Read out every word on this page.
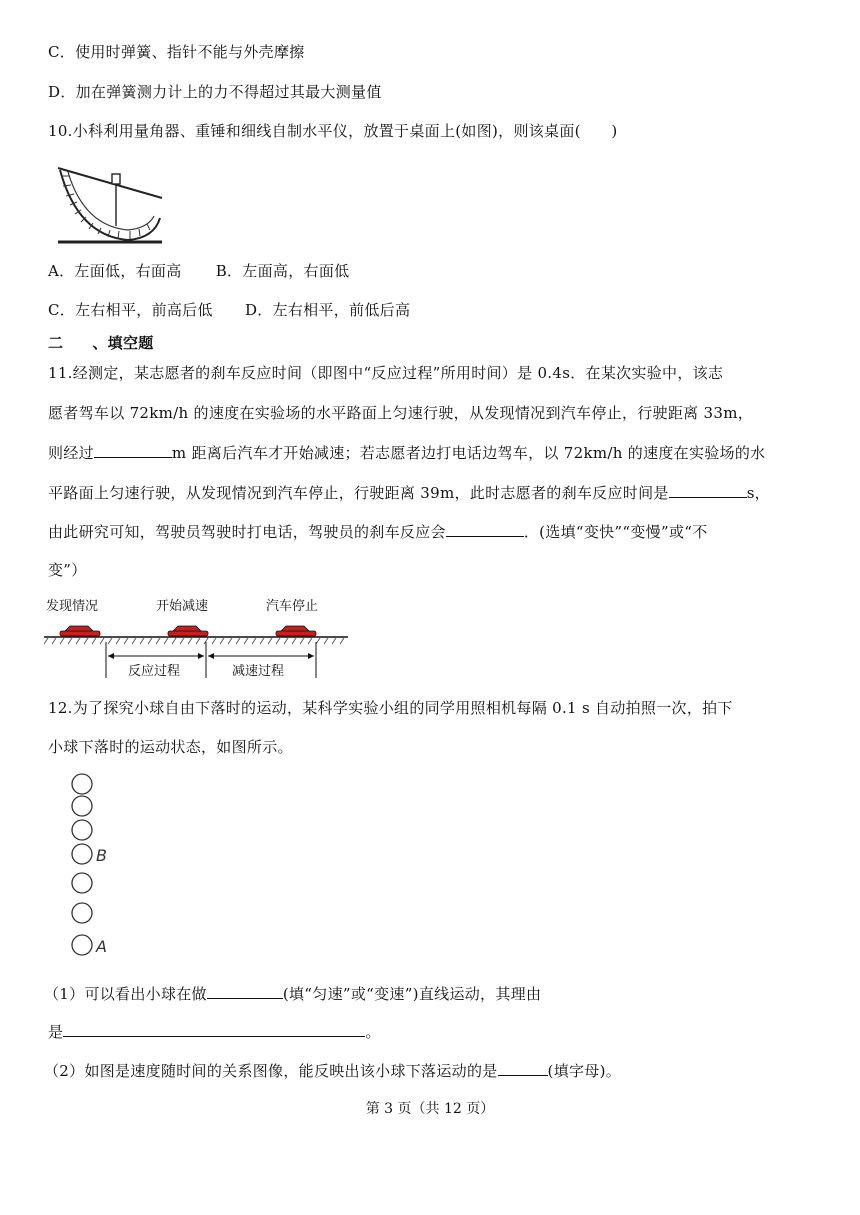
C．使用时弹簧、指针不能与外壳摩擦
D．加在弹簧测力计上的力不得超过其最大测量值
10.小科利用量角器、重锤和细线自制水平仪，放置于桌面上(如图)，则该桌面(　　)
A．左面低，右面高 B．左面高，右面低
C．左右相平，前高后低 D．左右相平，前低后高
二 、填空题
11.经测定，某志愿者的刹车反应时间（即图中“反应过程”所用时间）是 0.4s．在某次实验中，该志
愿者驾车以 72km/h 的速度在实验场的水平路面上匀速行驶，从发现情况到汽车停止，行驶距离 33m，
则经过	m 距离后汽车才开始减速；若志愿者边打电话边驾车，以 72km/h 的速度在实验场的水
平路面上匀速行驶，从发现情况到汽车停止，行驶距离 39m，此时志愿者的刹车反应时间是	s，
由此研究可知，驾驶员驾驶时打电话，驾驶员的刹车反应会	．(选填“变快”“变慢”或“不
变”）
发现情况	开始减速	汽车停止
反应过程	减速过程
12.为了探究小球自由下落时的运动，某科学实验小组的同学用照相机每隔 0.1 s 自动拍照一次，拍下
小球下落时的运动状态，如图所示。
B
A
（1）可以看出小球在做	(填“匀速”或“变速”)直线运动，其理由
是	。
（2）如图是速度随时间的关系图像，能反映出该小球下落运动的是	(填字母)。
第 3 页（共 12 页）
